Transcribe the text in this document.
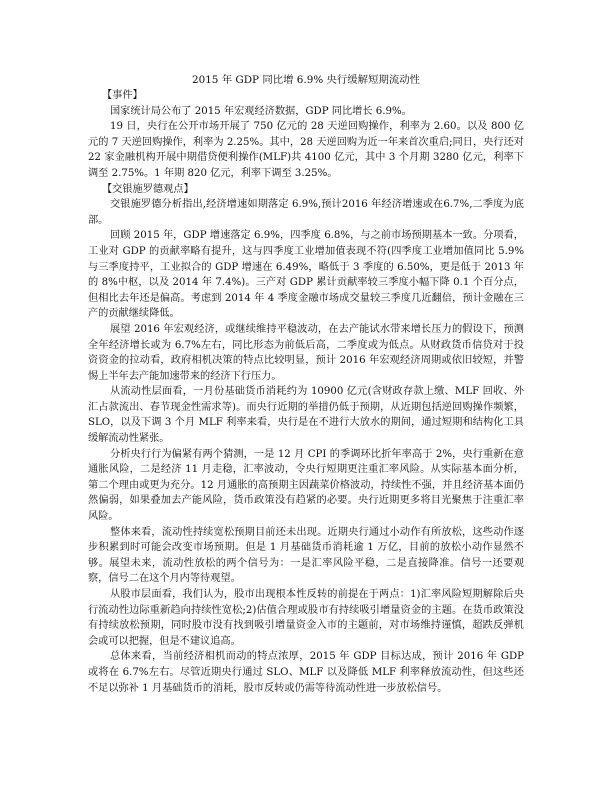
2015 年 GDP 同比增 6.9% 央行缓解短期流动性

【事件】

国家统计局公布了 2015 年宏观经济数据，GDP 同比增长 6.9%。

19 日，央行在公开市场开展了 750 亿元的 28 天逆回购操作，利率为 2.60。以及 800 亿元的 7 天逆回购操作，利率为 2.25%。其中，28 天逆回购为近一年来首次重启;同日，央行还对 22 家金融机构开展中期借贷便利操作(MLF)共 4100 亿元，其中 3 个月期 3280 亿元，利率下调至 2.75%。1 年期 820 亿元，利率下调至 3.25%。

【交银施罗德观点】

交银施罗德分析指出,经济增速如期落定 6.9%,预计2016 年经济增速或在6.7%,二季度为底部。

回顾 2015 年，GDP 增速落定 6.9%，四季度 6.8%，与之前市场预期基本一致。分项看，工业对 GDP 的贡献率略有提升，这与四季度工业增加值表现不符(四季度工业增加值同比 5.9%与三季度持平，工业拟合的 GDP 增速在 6.49%，略低于 3 季度的 6.50%，更是低于 2013 年的 8%中枢，以及 2014 年 7.4%)。三产对 GDP 累计贡献率较三季度小幅下降 0.1 个百分点，但相比去年还是偏高。考虑到 2014 年 4 季度金融市场成交量较三季度几近翻倍，预计金融在三产的贡献继续降低。

展望 2016 年宏观经济，或继续维持平稳波动，在去产能试水带来增长压力的假设下，预测全年经济增长或为 6.7%左右，同比形态为前低后高，二季度或为低点。从财政货币信贷对于投资资金的拉动看，政府相机决策的特点比较明显，预计 2016 年宏观经济周期或依旧较短，并警惕上半年去产能加速带来的经济下行压力。

从流动性层面看，一月份基础货币消耗约为 10900 亿元(含财政存款上缴、MLF 回收、外汇占款流出、春节现金性需求等)。而央行近期的举措仍低于预期，从近期包括逆回购操作频繁，SLO，以及下调 3 个月 MLF 利率来看，央行是在不进行大放水的期间，通过短期和结构化工具缓解流动性紧张。

分析央行行为偏紧有两个猜测，一是 12 月 CPI 的季调环比折年率高于 2%，央行重新在意通胀风险，二是经济 11 月走稳，汇率波动，令央行短期更注重汇率风险。从实际基本面分析，第二个理由或更为充分。12 月通胀的高预期主因蔬菜价格波动，持续性不强，并且经济基本面仍然偏弱，如果叠加去产能风险，货币政策没有趋紧的必要。央行近期更多将目光聚焦于注重汇率风险。

整体来看，流动性持续宽松预期目前还未出现。近期央行通过小动作有所放松，这些动作逐步积累到时可能会改变市场预期。但是 1 月基础货币消耗逾 1 万亿，目前的放松小动作显然不够。展望未来，流动性放松的两个信号为：一是汇率风险平稳，二是直接降准。信号一还要观察，信号二在这个月内等待观望。

从股市层面看，我们认为，股市出现根本性反转的前提在于两点：1)汇率风险短期解除后央行流动性边际重新趋向持续性宽松;2)估值合理或股市有持续吸引增量资金的主题。在货币政策没有持续放松预期，同时股市没有找到吸引增量资金入市的主题前，对市场维持谨慎，超跌反弹机会或可以把握，但是不建议追高。

总体来看，当前经济相机而动的特点浓厚，2015 年 GDP 目标达成，预计 2016 年 GDP 或将在 6.7%左右。尽管近期央行通过 SLO、MLF 以及降低 MLF 利率释放流动性，但这些还不足以弥补 1 月基础货币的消耗，股市反转或仍需等待流动性进一步放松信号。
